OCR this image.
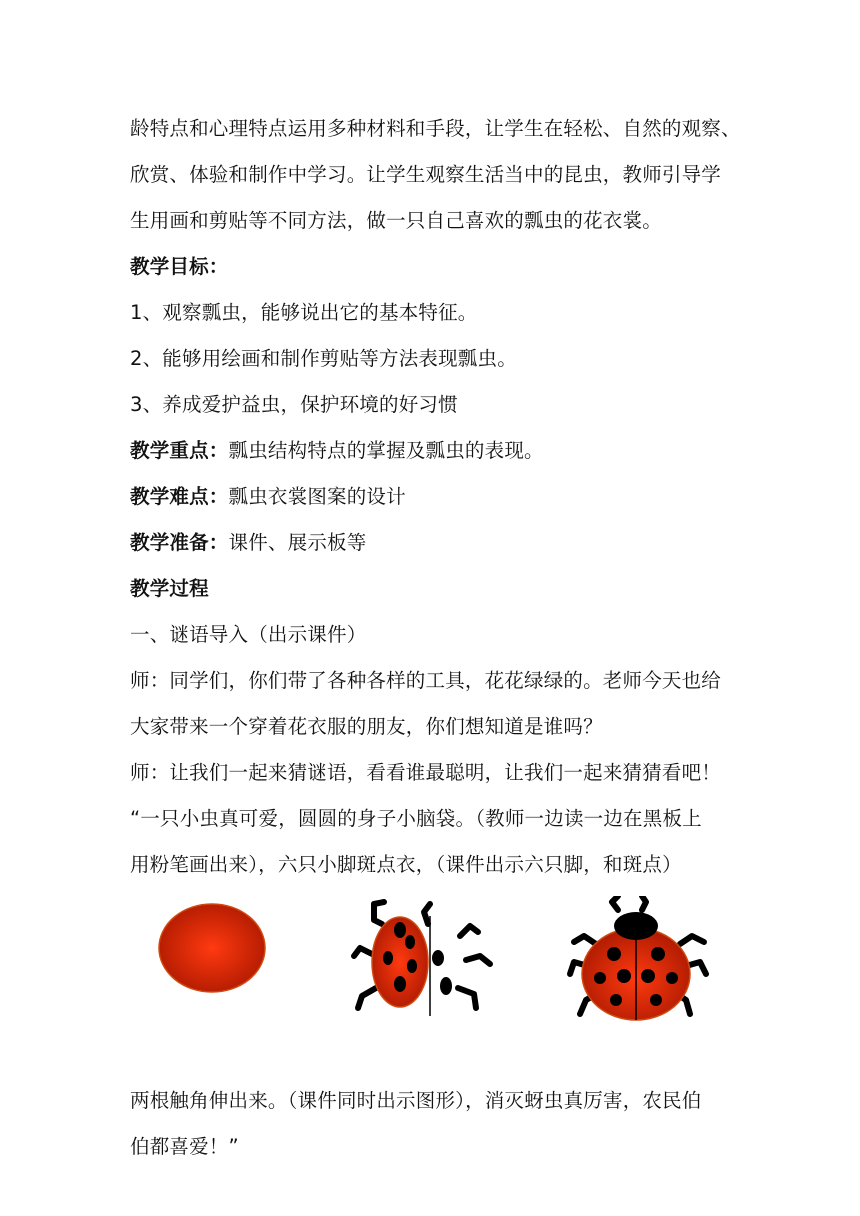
龄特点和心理特点运用多种材料和手段，让学生在轻松、自然的观察、
欣赏、体验和制作中学习。让学生观察生活当中的昆虫，教师引导学
生用画和剪贴等不同方法，做一只自己喜欢的瓢虫的花衣裳。
教学目标：
1、观察瓢虫，能够说出它的基本特征。
2、能够用绘画和制作剪贴等方法表现瓢虫。
3、养成爱护益虫，保护环境的好习惯
教学重点：瓢虫结构特点的掌握及瓢虫的表现。
教学难点：瓢虫衣裳图案的设计
教学准备：课件、展示板等
教学过程
一、谜语导入（出示课件）
师：同学们，你们带了各种各样的工具，花花绿绿的。老师今天也给
大家带来一个穿着花衣服的朋友，你们想知道是谁吗？
师：让我们一起来猜谜语，看看谁最聪明，让我们一起来猜猜看吧！
“一只小虫真可爱，圆圆的身子小脑袋。（教师一边读一边在黑板上
用粉笔画出来），六只小脚斑点衣，（课件出示六只脚，和斑点）
两根触角伸出来。（课件同时出示图形），消灭蚜虫真厉害，农民伯
伯都喜爱！”
